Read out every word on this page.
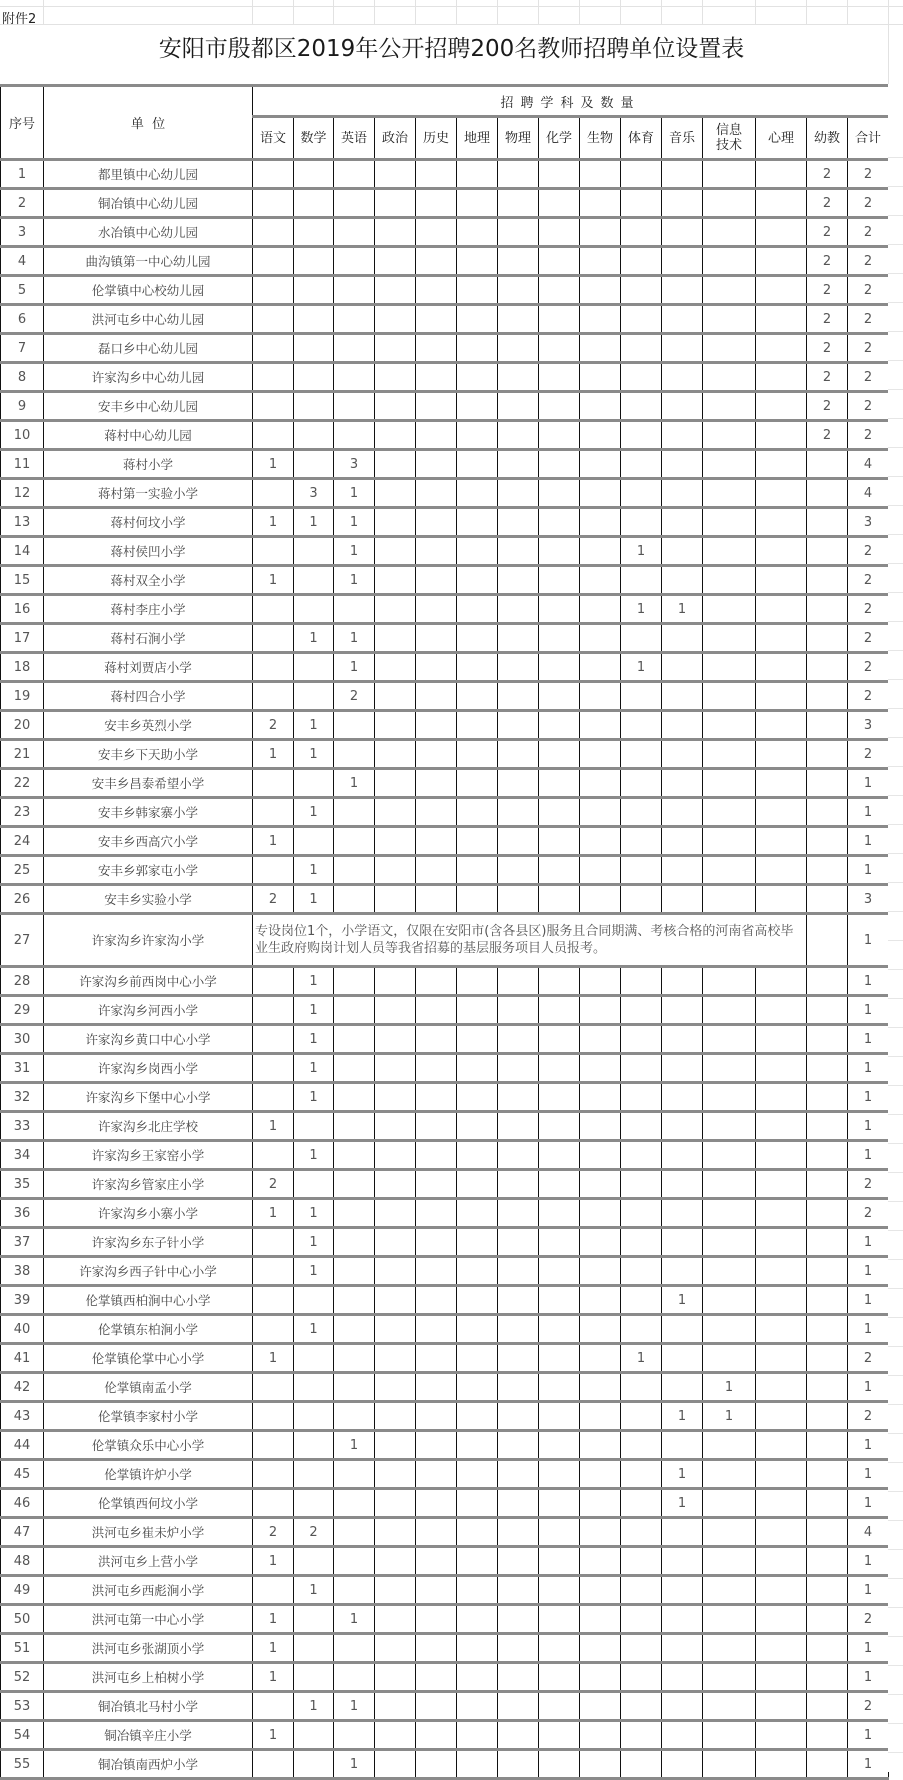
附件2
安阳市殷都区2019年公开招聘200名教师招聘单位设置表
序号	单  位	招聘学科及数量														
		语文	数学	英语	政治	历史	地理	物理	化学	生物	体育	音乐	信息技术	心理	幼教	合计
1	都里镇中心幼儿园														2	2
2	铜冶镇中心幼儿园														2	2
3	水冶镇中心幼儿园														2	2
4	曲沟镇第一中心幼儿园														2	2
5	伦掌镇中心校幼儿园														2	2
6	洪河屯乡中心幼儿园														2	2
7	磊口乡中心幼儿园														2	2
8	许家沟乡中心幼儿园														2	2
9	安丰乡中心幼儿园														2	2
10	蒋村中心幼儿园														2	2
11	蒋村小学	1		3												4
12	蒋村第一实验小学		3	1												4
13	蒋村何坟小学	1	1	1												3
14	蒋村侯凹小学			1							1					2
15	蒋村双全小学	1		1												2
16	蒋村李庄小学										1	1				2
17	蒋村石涧小学		1	1												2
18	蒋村刘贾店小学			1							1					2
19	蒋村四合小学			2												2
20	安丰乡英烈小学	2	1													3
21	安丰乡下天助小学	1	1													2
22	安丰乡昌泰希望小学			1												1
23	安丰乡韩家寨小学		1													1
24	安丰乡西高穴小学	1														1
25	安丰乡郭家屯小学		1													1
26	安丰乡实验小学	2	1													3
27	许家沟乡许家沟小学	专设岗位1个，小学语文，仅限在安阳市(含各县区)服务且合同期满、考核合格的河南省高校毕业生政府购岗计划人员等我省招募的基层服务项目人员报考。														1
28	许家沟乡前西岗中心小学		1													1
29	许家沟乡河西小学		1													1
30	许家沟乡黄口中心小学		1													1
31	许家沟乡岗西小学		1													1
32	许家沟乡下堡中心小学		1													1
33	许家沟乡北庄学校	1														1
34	许家沟乡王家窑小学		1													1
35	许家沟乡管家庄小学	2														2
36	许家沟乡小寨小学	1	1													2
37	许家沟乡东子针小学		1													1
38	许家沟乡西子针中心小学		1													1
39	伦掌镇西柏涧中心小学											1				1
40	伦掌镇东柏涧小学		1													1
41	伦掌镇伦掌中心小学	1									1					2
42	伦掌镇南孟小学												1			1
43	伦掌镇李家村小学											1	1			2
44	伦掌镇众乐中心小学			1												1
45	伦掌镇许炉小学											1				1
46	伦掌镇西何坟小学											1				1
47	洪河屯乡崔未炉小学	2	2													4
48	洪河屯乡上营小学	1														1
49	洪河屯乡西彪涧小学		1													1
50	洪河屯第一中心小学	1		1												2
51	洪河屯乡张湖顶小学	1														1
52	洪河屯乡上柏树小学	1														1
53	铜冶镇北马村小学		1	1												2
54	铜冶镇辛庄小学	1														1
55	铜冶镇南西炉小学			1												1
